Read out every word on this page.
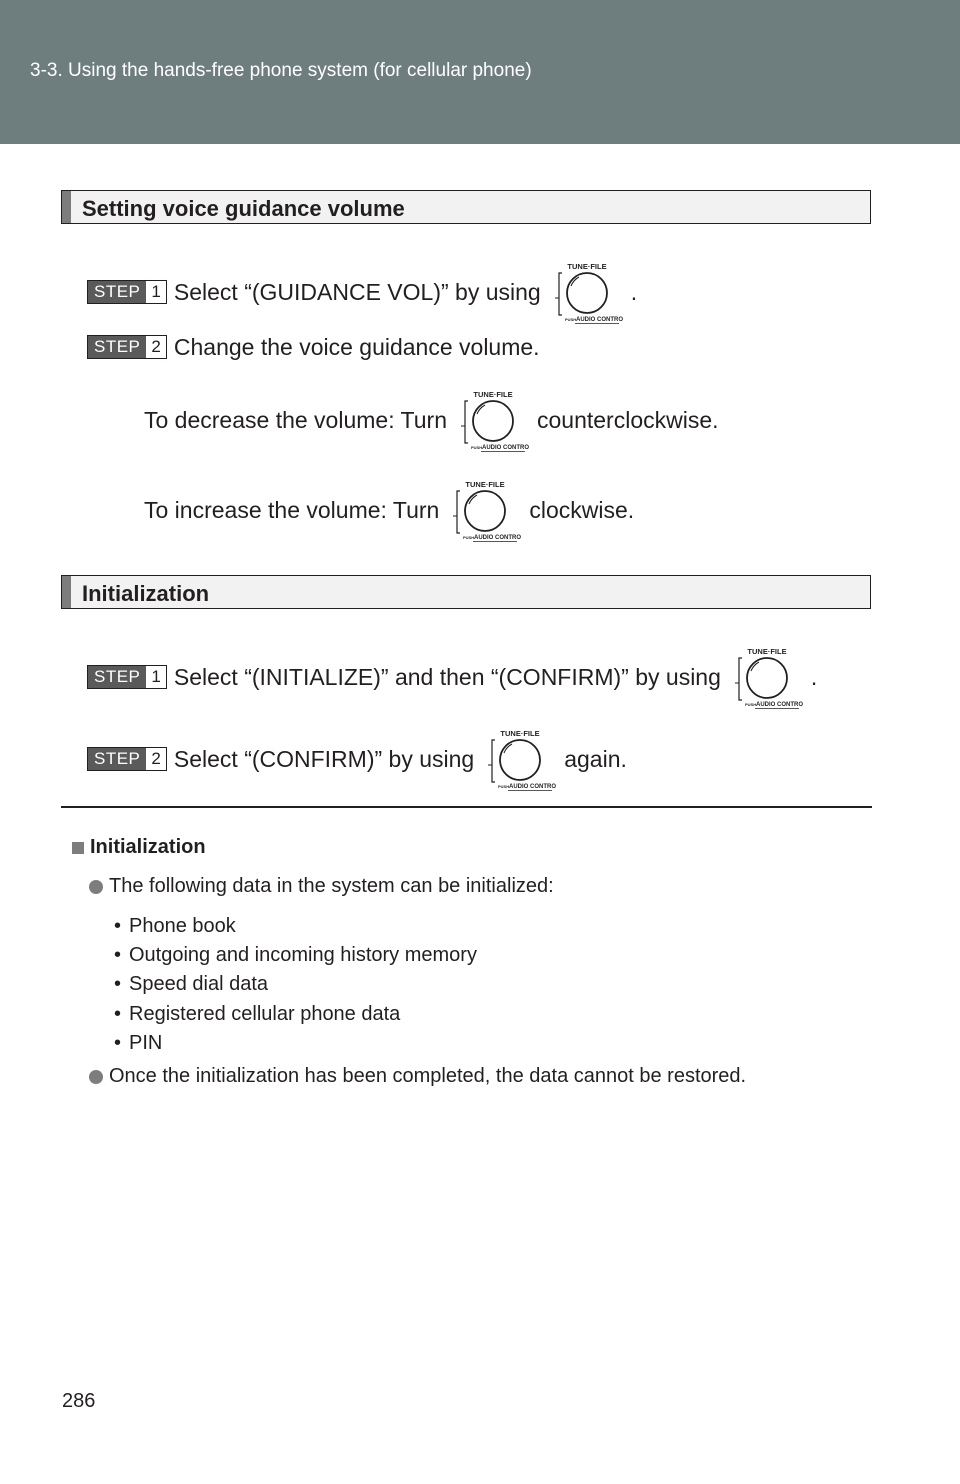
3-3. Using the hands-free phone system (for cellular phone)
Setting voice guidance volume
STEP 1 Select “(GUIDANCE VOL)” by using	.
STEP 2 Change the voice guidance volume.
To decrease the volume: Turn	counterclockwise.
To increase the volume: Turn	clockwise.
Initialization
STEP 1 Select “(INITIALIZE)” and then “(CONFIRM)” by using	.
STEP 2 Select “(CONFIRM)” by using	again.
Initialization
The following data in the system can be initialized:
• Phone book
• Outgoing and incoming history memory
• Speed dial data
• Registered cellular phone data
• PIN
Once the initialization has been completed, the data cannot be restored.
286
